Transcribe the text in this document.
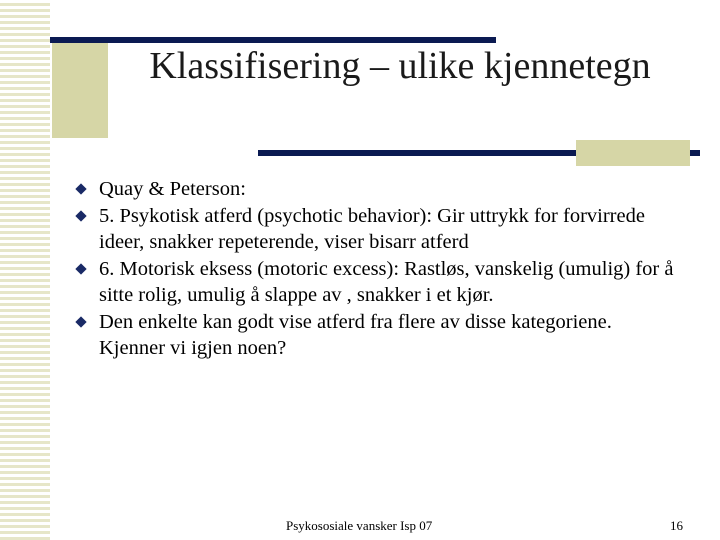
Klassifisering – ulike kjennetegn
Quay & Peterson:
5. Psykotisk atferd (psychotic behavior): Gir uttrykk for forvirrede ideer, snakker repeterende, viser bisarr atferd
6. Motorisk eksess (motoric excess): Rastløs, vanskelig (umulig) for å sitte rolig, umulig å slappe av , snakker i et kjør.
Den enkelte kan godt vise atferd fra flere av disse kategoriene. Kjenner vi igjen noen?
Psykososiale vansker Isp 07	16
